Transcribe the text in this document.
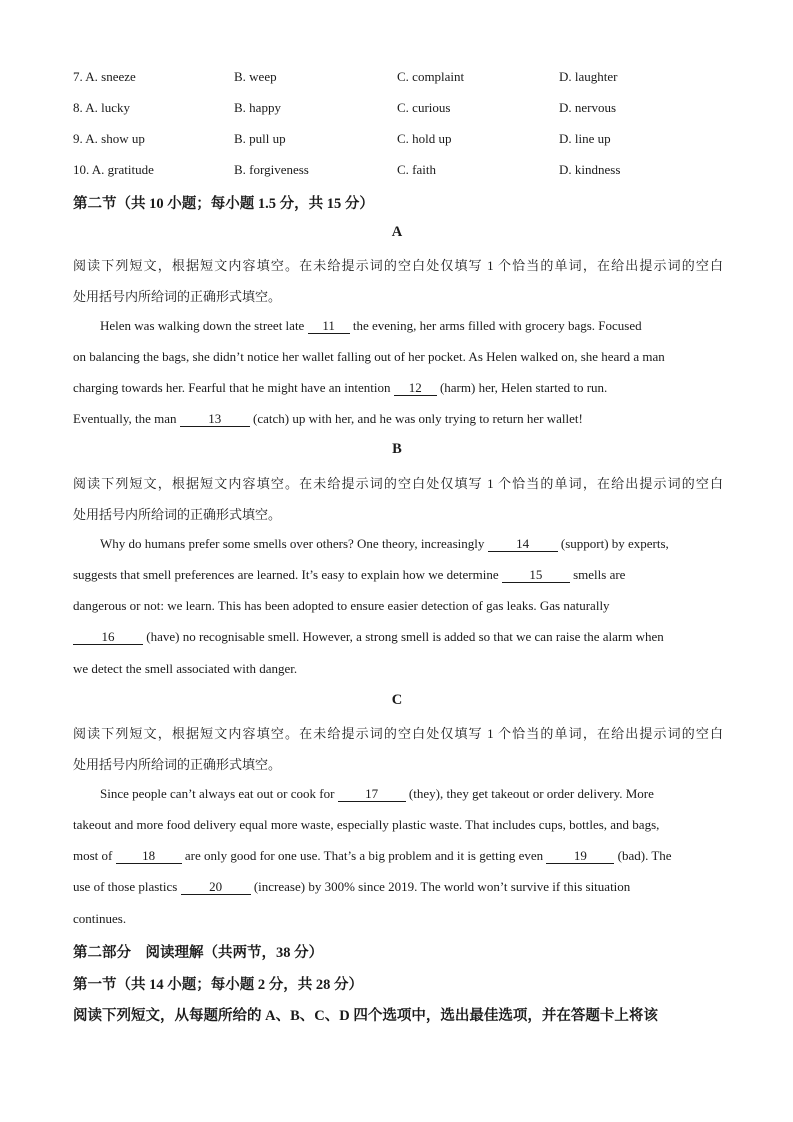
7. A. sneeze	B. weep	C. complaint	D. laughter
8. A. lucky	B. happy	C. curious	D. nervous
9. A. show up	B. pull up	C. hold up	D. line up
10. A. gratitude	B. forgiveness	C. faith	D. kindness
第二节（共 10 小题；每小题 1.5 分，共 15 分）
A
阅读下列短文，根据短文内容填空。在未给提示词的空白处仅填写 1 个恰当的单词，在给出提示词的空白
处用括号内所给词的正确形式填空。
Helen was walking down the street late 11 the evening, her arms filled with grocery bags. Focused
on balancing the bags, she didn’t notice her wallet falling out of her pocket. As Helen walked on, she heard a man
charging towards her. Fearful that he might have an intention 12 (harm) her, Helen started to run.
Eventually, the man 13 (catch) up with her, and he was only trying to return her wallet!
B
阅读下列短文，根据短文内容填空。在未给提示词的空白处仅填写 1 个恰当的单词，在给出提示词的空白
处用括号内所给词的正确形式填空。
Why do humans prefer some smells over others? One theory, increasingly 14 (support) by experts,
suggests that smell preferences are learned. It’s easy to explain how we determine 15 smells are
dangerous or not: we learn. This has been adopted to ensure easier detection of gas leaks. Gas naturally
16 (have) no recognisable smell. However, a strong smell is added so that we can raise the alarm when
we detect the smell associated with danger.
C
阅读下列短文，根据短文内容填空。在未给提示词的空白处仅填写 1 个恰当的单词，在给出提示词的空白
处用括号内所给词的正确形式填空。
Since people can’t always eat out or cook for 17 (they), they get takeout or order delivery. More
takeout and more food delivery equal more waste, especially plastic waste. That includes cups, bottles, and bags,
most of 18 are only good for one use. That’s a big problem and it is getting even 19 (bad). The
use of those plastics 20 (increase) by 300% since 2019. The world won’t survive if this situation
continues.
第二部分　阅读理解（共两节，38 分）
第一节（共 14 小题；每小题 2 分，共 28 分）
阅读下列短文，从每题所给的 A、B、C、D 四个选项中，选出最佳选项，并在答题卡上将该
